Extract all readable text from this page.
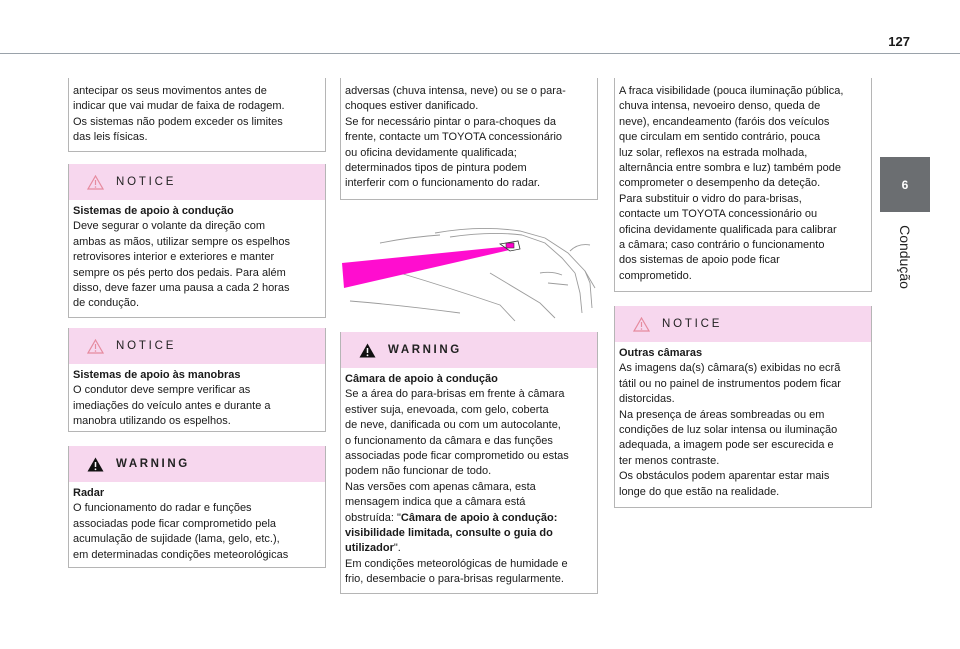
127
6
Condução

antecipar os seus movimentos antes de

indicar que vai mudar de faixa de rodagem.

Os sistemas não podem exceder os limites

das leis físicas.

NOTICE

Sistemas de apoio à condução

Deve segurar o volante da direção com

ambas as mãos, utilizar sempre os espelhos

retrovisores interior e exteriores e manter

sempre os pés perto dos pedais. Para além

disso, deve fazer uma pausa a cada 2 horas

de condução.

NOTICE

Sistemas de apoio às manobras

O condutor deve sempre verificar as

imediações do veículo antes e durante a

manobra utilizando os espelhos.

WARNING

Radar

O funcionamento do radar e funções

associadas pode ficar comprometido pela

acumulação de sujidade (lama, gelo, etc.),

em determinadas condições meteorológicas

adversas (chuva intensa, neve) ou se o para-

choques estiver danificado.

Se for necessário pintar o para-choques da

frente, contacte um TOYOTA concessionário

ou oficina devidamente qualificada;

determinados tipos de pintura podem

interferir com o funcionamento do radar.

WARNING

Câmara de apoio à condução

Se a área do para-brisas em frente à câmara

estiver suja, enevoada, com gelo, coberta

de neve, danificada ou com um autocolante,

o funcionamento da câmara e das funções

associadas pode ficar comprometido ou estas

podem não funcionar de todo.

Nas versões com apenas câmara, esta

mensagem indica que a câmara está

obstruída: "Câmara de apoio à condução:

visibilidade limitada, consulte o guia do

utilizador".

Em condições meteorológicas de humidade e

frio, desembacie o para-brisas regularmente.

A fraca visibilidade (pouca iluminação pública,

chuva intensa, nevoeiro denso, queda de

neve), encandeamento (faróis dos veículos

que circulam em sentido contrário, pouca

luz solar, reflexos na estrada molhada,

alternância entre sombra e luz) também pode

comprometer o desempenho da deteção.

Para substituir o vidro do para-brisas,

contacte um TOYOTA concessionário ou

oficina devidamente qualificada para calibrar

a câmara; caso contrário o funcionamento

dos sistemas de apoio pode ficar

comprometido.

NOTICE

Outras câmaras

As imagens da(s) câmara(s) exibidas no ecrã

tátil ou no painel de instrumentos podem ficar

distorcidas.

Na presença de áreas sombreadas ou em

condições de luz solar intensa ou iluminação

adequada, a imagem pode ser escurecida e

ter menos contraste.

Os obstáculos podem aparentar estar mais

longe do que estão na realidade.
